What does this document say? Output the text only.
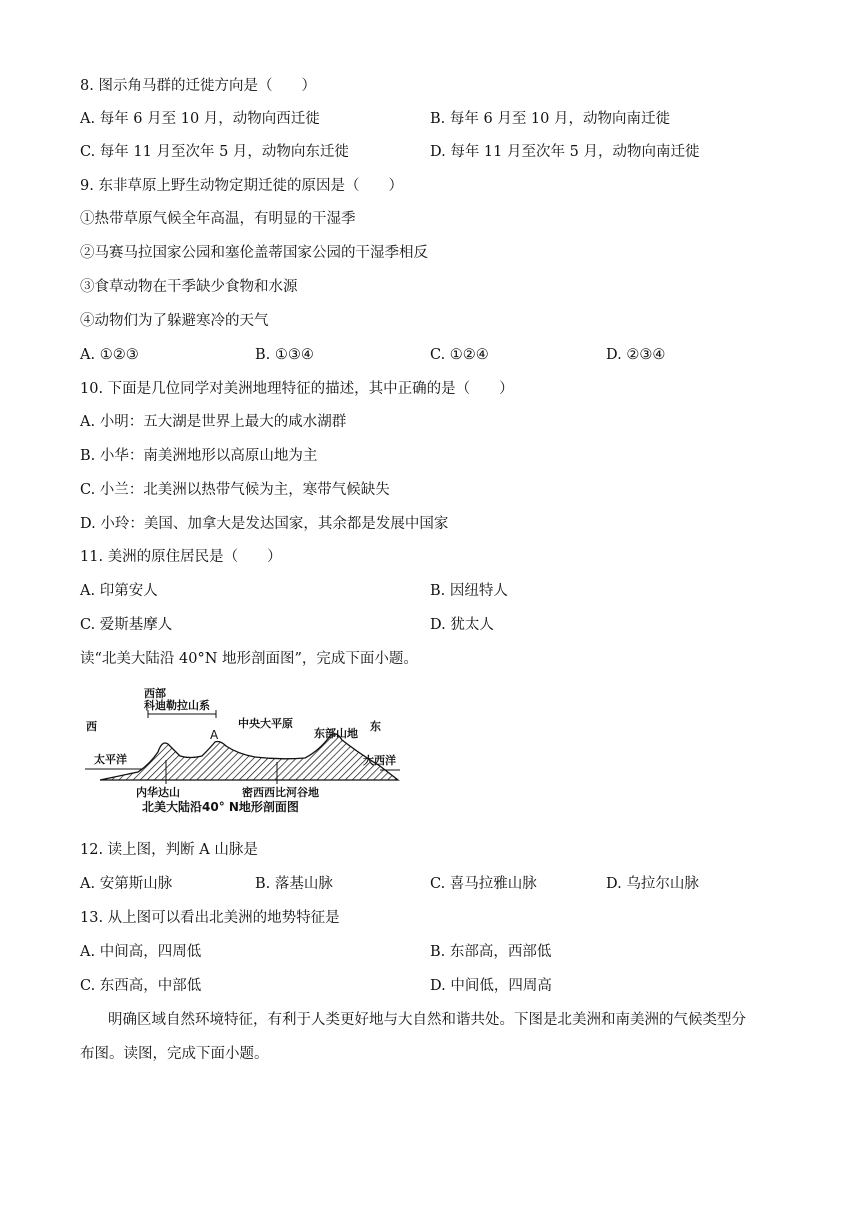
8. 图示角马群的迁徙方向是（　　）
A. 每年 6 月至 10 月，动物向西迁徙	B. 每年 6 月至 10 月，动物向南迁徙
C. 每年 11 月至次年 5 月，动物向东迁徙	D. 每年 11 月至次年 5 月，动物向南迁徙
9. 东非草原上野生动物定期迁徙的原因是（　　）
①热带草原气候全年高温，有明显的干湿季
②马赛马拉国家公园和塞伦盖蒂国家公园的干湿季相反
③食草动物在干季缺少食物和水源
④动物们为了躲避寒冷的天气
A. ①②③	B. ①③④	C. ①②④	D. ②③④
10. 下面是几位同学对美洲地理特征的描述，其中正确的是（　　）
A. 小明：五大湖是世界上最大的咸水湖群
B. 小华：南美洲地形以高原山地为主
C. 小兰：北美洲以热带气候为主，寒带气候缺失
D. 小玲：美国、加拿大是发达国家，其余都是发展中国家
11. 美洲的原住居民是（　　）
A. 印第安人	B. 因纽特人
C. 爱斯基摩人	D. 犹太人
读“北美大陆沿 40°N 地形剖面图”，完成下面小题。
西部
科迪勒拉山系
西
A
中央大平原	东
东部山地
太平洋	大西洋
内华达山	密西西比河谷地
北美大陆沿40° N地形剖面图
12. 读上图，判断 A 山脉是
A. 安第斯山脉	B. 落基山脉	C. 喜马拉雅山脉	D. 乌拉尔山脉
13. 从上图可以看出北美洲的地势特征是
A. 中间高，四周低	B. 东部高，西部低
C. 东西高，中部低	D. 中间低，四周高
明确区域自然环境特征，有利于人类更好地与大自然和谐共处。下图是北美洲和南美洲的气候类型分
布图。读图，完成下面小题。
